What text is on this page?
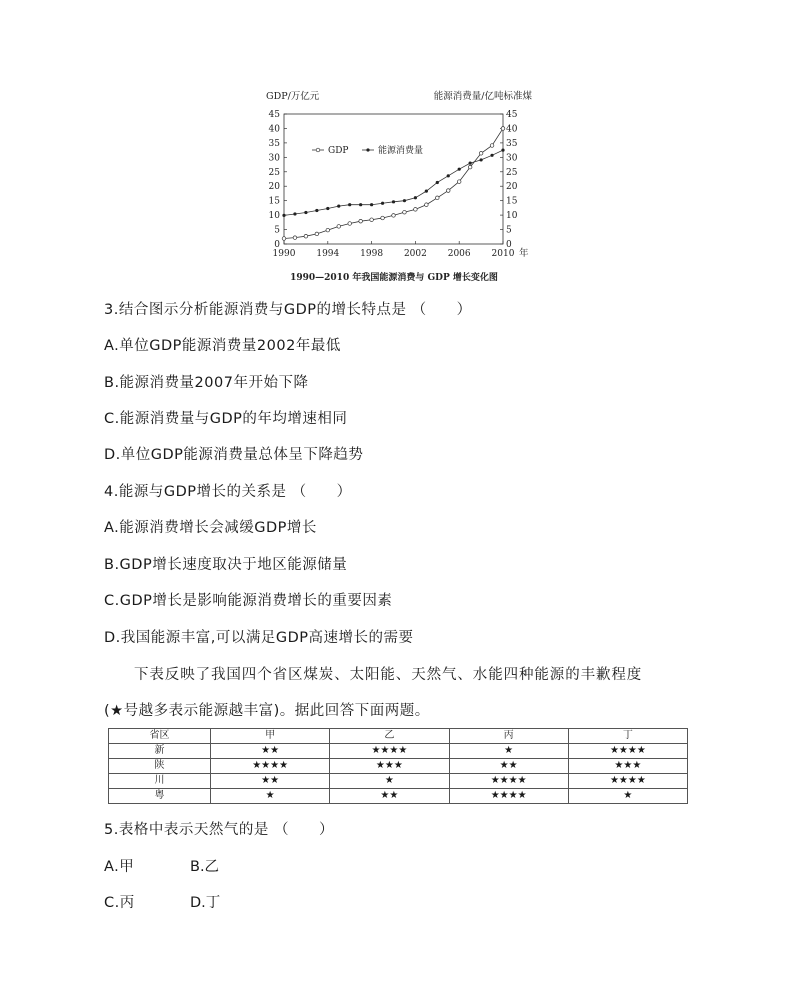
GDP/万亿元	能源消费量/亿吨标准煤
0	0
5	5
10	10
15	15
20	20
25	25
30	30
35	35
40	40
45	45
1990 1994 1998 2002 2006 2010
GDP	能源消费量
年
1990—2010 年我国能源消费与 GDP 增长变化图
3.结合图示分析能源消费与GDP的增长特点是 （　　）
A.单位GDP能源消费量2002年最低
B.能源消费量2007年开始下降
C.能源消费量与GDP的年均增速相同
D.单位GDP能源消费量总体呈下降趋势
4.能源与GDP增长的关系是 （　　）
A.能源消费增长会减缓GDP增长
B.GDP增长速度取决于地区能源储量
C.GDP增长是影响能源消费增长的重要因素
D.我国能源丰富,可以满足GDP高速增长的需要
下表反映了我国四个省区煤炭、太阳能、天然气、水能四种能源的丰歉程度
(★号越多表示能源越丰富)。据此回答下面两题。
省区	甲	乙	丙	丁
新	★★	★★★★	★	★★★★
陕	★★★★	★★★	★★	★★★
川	★★	★	★★★★	★★★★
粤	★	★★	★★★★	★
5.表格中表示天然气的是 （　　）
A.甲	B.乙
C.丙	D.丁
